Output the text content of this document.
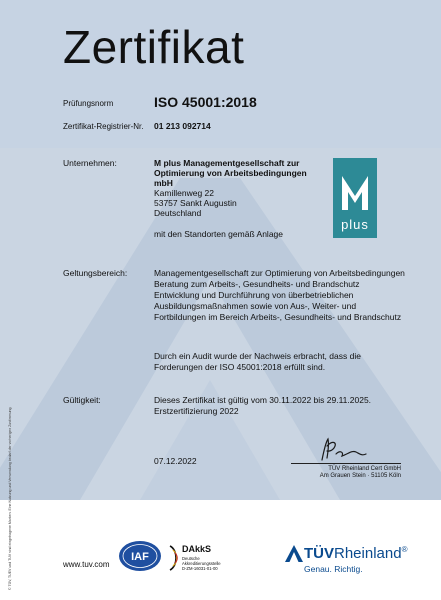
Zertifikat
Prüfungsnorm	ISO 45001:2018
Zertifikat-Registrier-Nr. 01 213 092714
Unternehmen:	M plus Managementgesellschaft zur
Optimierung von Arbeitsbedingungen
mbH
Kamillenweg 22
53757 Sankt Augustin
Deutschland
mit den Standorten gemäß Anlage
plus
Geltungsbereich:	Managementgesellschaft zur Optimierung von Arbeitsbedingungen
Beratung zum Arbeits-, Gesundheits- und Brandschutz
Entwicklung und Durchführung von überbetrieblichen
Ausbildungsmaßnahmen sowie von Aus-, Weiter- und
Fortbildungen im Bereich Arbeits-, Gesundheits- und Brandschutz
Durch ein Audit wurde der Nachweis erbracht, dass die
Forderungen der ISO 45001:2018 erfüllt sind.
Gültigkeit:	Dieses Zertifikat ist gültig vom 30.11.2022 bis 29.11.2025.
Erstzertifizierung 2022
07.12.2022
TÜV Rheinland Cert GmbH
Am Grauen Stein · 51105 Köln
© TÜV, TUEV und TUV sind eingetragene Marken. Eine Nutzung und Verwendung bedarf der vorherigen Zustimmung.	www.tuv.com
IAF
DAkkS
Deutsche
Akkreditierungsstelle
D-ZM-16031-01-00
TÜVRheinland®
Genau. Richtig.
